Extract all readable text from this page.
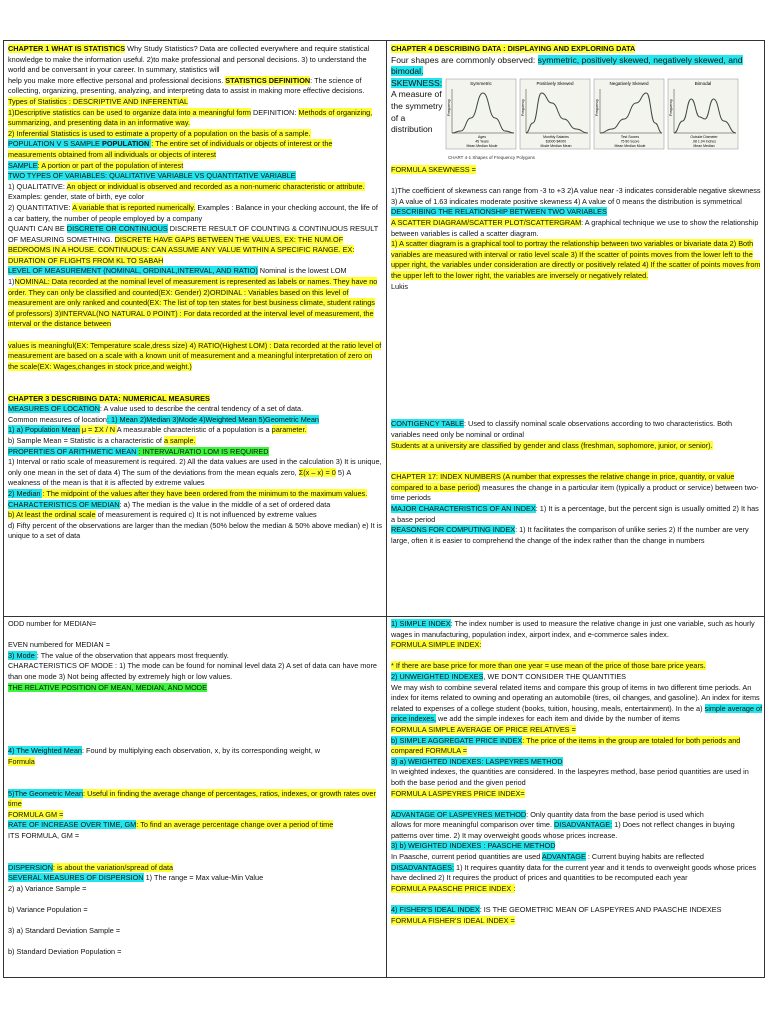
CHAPTER 1 WHAT IS STATISTICS Why Study Statistics? Data are collected everywhere and require statistical knowledge to make the information useful. 2)to make professional and personal decisions. 3) to understand the world and be conversant in your career. In summary, statistics will

help you make more effective personal and professional decisions. STATISTICS DEFINITION: The science of collecting, organizing, presenting, analyzing, and interpreting data to assist in making more effective decisions. Types of Statistics : DESCRIPTIVE AND INFERENTIAL

1)Descriptive statistics can be used to organize data into a meaningful form DEFINITION: Methods of organizing, summarizing, and presenting data in an informative way.

2) Inferential Statistics is used to estimate a property of a population on the basis of a sample.

POPULATION V S SAMPLE POPULATION : The entire set of individuals or objects of interest or the measurements obtained from all individuals or objects of interest

SAMPLE: A portion or part of the population of interest

TWO TYPES OF VARIABLES: QUALITATIVE VARIABLE VS QUANTITATIVE VARIABLE

1) QUALITATIVE: An object or individual is observed and recorded as a non-numeric characteristic or attribute. Examples: gender, state of birth, eye color

2) QUANTITATIVE: A variable that is reported numerically. Examples : Balance in your checking account, the life of a car battery, the number of people employed by a company

QUANTI CAN BE DISCRETE OR CONTINUOUS DISCRETE RESULT OF COUNTING & CONTINUOUS RESULT OF MEASURING SOMETHING. DISCRETE HAVE GAPS BETWEEN THE VALUES, EX: THE NUM.OF BEDROOMS IN A HOUSE. CONTINUOUS: CAN ASSUME ANY VALUE WITHIN A SPECIFIC RANGE. EX: DURATION OF FLIGHTS FROM KL TO SABAH

LEVEL OF MEASUREMENT (NOMINAL, ORDINAL,INTERVAL, AND RATIO) Nominal is the lowest LOM 1)NOMINAL: Data recorded at the nominal level of measurement is represented as labels or names. They have no order. They can only be classified and counted(EX: Gender) 2)ORDINAL : Variables based on this level of measurement are only ranked and counted(EX: The list of top ten states for best business climate, student ratings of professors) 3)INTERVAL(NO NATURAL 0 POINT) : For data recorded at the interval level of measurement, the interval or the distance between

values is meaningful(EX: Temperature scale,dress size) 4) RATIO(Highest LOM) : Data recorded at the ratio level of measurement are based on a scale with a known unit of measurement and a meaningful interpretation of zero on the scale(EX: Wages,changes in stock price,and weight.)

CHAPTER 3 DESCRIBING DATA: NUMERICAL MEASURES

MEASURES OF LOCATION: A value used to describe the central tendency of a set of data.

Common measures of location: 1) Mean 2)Median 3)Mode 4)Weighted Mean 5)Geometric Mean

1) a) Population Mean μ = ΣX / N A measurable characteristic of a population is a parameter.

b) Sample Mean = Statistic is a characteristic of a sample.

PROPERTIES OF ARITHMETIC MEAN : INTERVAL/RATIO LOM IS REQUIRED

1) Interval or ratio scale of measurement is required. 2) All the data values are used in the calculation 3) It is unique, only one mean in the set of data 4) The sum of the deviations from the mean equals zero, Σ(x – x) = 0 5) A weakness of the mean is that it is affected by extreme values

2) Median : The midpoint of the values after they have been ordered from the minimum to the maximum values.

CHARACTERISTICS OF MEDIAN: a) The median is the value in the middle of a set of ordered data

b) At least the ordinal scale of measurement is required c) It is not influenced by extreme values

d) Fifty percent of the observations are larger than the median (50% below the median & 50% above median) e) It is unique to a set of data

ODD number for MEDIAN=

EVEN numbered for MEDIAN =

3) Mode : The value of the observation that appears most frequently.

CHARACTERISTICS OF MODE : 1) The mode can be found for nominal level data 2) A set of data can have more than one mode 3) Not being affected by extremely high or low values.

THE RELATIVE POSITION OF MEAN, MEDIAN, AND MODE

4) The Weighted Mean: Found by multiplying each observation, x, by its corresponding weight, w

Formula

5)The Geometric Mean: Useful in finding the average change of percentages, ratios, indexes, or growth rates over time

FORMULA GM =

RATE OF INCREASE OVER TIME, GM: To find an average percentage change over a period of time

ITS FORMULA, GM =

DISPERSION: is about the variation/spread of data

SEVERAL MEASURES OF DISPERSION 1) The range = Max value-Min Value

2) a) Variance Sample =

b) Variance Population =

3) a) Standard Deviation Sample =

b) Standard Deviation Population =

CHAPTER 4 DESCRIBING DATA : DISPLAYING AND EXPLORING DATA

Four shapes are commonly observed: symmetric, positively skewed, negatively skewed, and bimodal.

SKEWNESS:

A measure of

the symmetry

of a

distribution

Symmetric
Frequency
Ages
45 Years
Mean Median Mode
Positively Skewed
Frequency
Monthly Salaries
$3000 $4000
Mode Median Mean
Negatively Skewed
Frequency
Test Scores
75 80 Score
Mean Median Mode
Bimodal
Frequency
Outside Diameter
.98 1.04 Inches
Mean Median
CHART 4-1 Shapes of Frequency Polygons

FORMULA SKEWNESS =

1)The coefficient of skewness can range from -3 to +3 2)A value near -3 indicates considerable negative skewness 3) A value of 1.63 indicates moderate positive skewness 4) A value of 0 means the distribution is symmetrical

DESCRIBING THE RELATIONSHIP BETWEEN TWO VARIABLES

A SCATTER DIAGRAM/SCATTER PLOT/SCATTERGRAM: A graphical technique we use to show the relationship between variables is called a scatter diagram.

1) A scatter diagram is a graphical tool to portray the relationship between two variables or bivariate data 2) Both variables are measured with interval or ratio level scale 3) If the scatter of points moves from the lower left to the upper right, the variables under consideration are directly or positively related 4) If the scatter of points moves from the upper left to the lower right, the variables are inversely or negatively related.

Lukis

CONTIGENCY TABLE: Used to classify nominal scale observations according to two characteristics. Both variables need only be nominal or ordinal

Students at a university are classified by gender and class (freshman, sophomore, junior, or senior).

CHAPTER 17: INDEX NUMBERS (A number that expresses the relative change in price, quantity, or value compared to a base period) measures the change in a particular item (typically a product or service) between two-time periods

MAJOR CHARACTERISTICS OF AN INDEX: 1) It is a percentage, but the percent sign is usually omitted 2) It has a base period

REASONS FOR COMPUTING INDEX: 1) It facilitates the comparison of unlike series 2) If the number are very large, often it is easier to comprehend the change of the index rather than the change in numbers

1) SIMPLE INDEX: The index number is used to measure the relative change in just one variable, such as hourly wages in manufacturing, population index, airport index, and e-commerce sales index.

FORMULA SIMPLE INDEX:

* If there are base price for more than one year = use mean of the price of those bare price years.

2) UNWEIGHTED INDEXES, WE DON'T CONSIDER THE QUANTITIES

We may wish to combine several related items and compare this group of items in two different time periods. An index for items related to owning and operating an automobile (tires, oil changes, and gasoline). An index for items related to expenses of a college student (books, tuition, housing, meals, entertainment). In the a) simple average of price indexes, we add the simple indexes for each item and divide by the number of items

FORMULA SIMPLE AVERAGE OF PRICE RELATIVES =

b) SIMPLE AGGREGATE PRICE INDEX: The price of the items in the group are totaled for both periods and compared FORMULA =

3) a) WEIGHTED INDEXES: LASPEYRES METHOD

In weighted indexes, the quantities are considered. In the laspeyres method, base period quantities are used in both the base period and the given period

FORMULA LASPEYRES PRICE INDEX=

ADVANTAGE OF LASPEYRES METHOD: Only quantity data from the base period is used which

allows for more meaningful comparison over time. DISADVANTAGE: 1) Does not reflect changes in buying patterns over time. 2) It may overweight goods whose prices increase.

3) b) WEIGHTED INDEXES : PAASCHE METHOD

In Paasche, current period quantities are used ADVANTAGE : Current buying habits are reflected DISADVANTAGES: 1) It requires quantity data for the current year and it tends to overweight goods whose prices have declined 2) It requires the product of prices and quantities to be recomputed each year

FORMULA PAASCHE PRICE INDEX :

4) FISHER'S IDEAL INDEX: IS THE GEOMETRIC MEAN OF LASPEYRES AND PAASCHE INDEXES

FORMULA FISHER'S IDEAL INDEX =
